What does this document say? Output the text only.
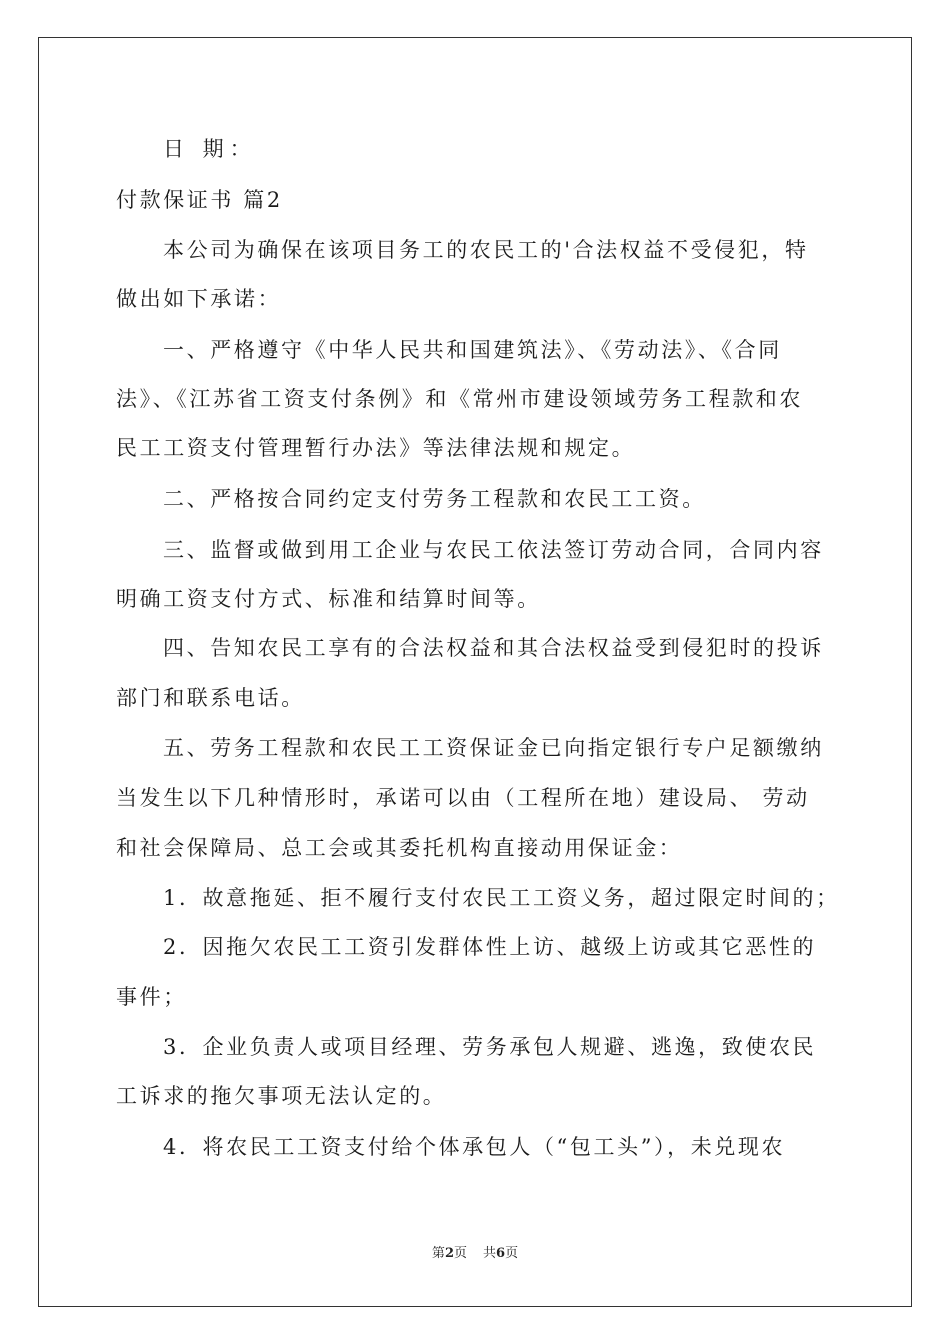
日 期：
付款保证书 篇2
本公司为确保在该项目务工的农民工的'合法权益不受侵犯，特
做出如下承诺：
一、严格遵守《中华人民共和国建筑法》、《劳动法》、《合同
法》、《江苏省工资支付条例》和《常州市建设领域劳务工程款和农
民工工资支付管理暂行办法》等法律法规和规定。
二、严格按合同约定支付劳务工程款和农民工工资。
三、监督或做到用工企业与农民工依法签订劳动合同，合同内容
明确工资支付方式、标准和结算时间等。
四、告知农民工享有的合法权益和其合法权益受到侵犯时的投诉
部门和联系电话。
五、劳务工程款和农民工工资保证金已向指定银行专户足额缴纳
当发生以下几种情形时，承诺可以由（工程所在地）建设局、 劳动
和社会保障局、总工会或其委托机构直接动用保证金：
1．故意拖延、拒不履行支付农民工工资义务，超过限定时间的；
2．因拖欠农民工工资引发群体性上访、越级上访或其它恶性的
事件；
3．企业负责人或项目经理、劳务承包人规避、逃逸，致使农民
工诉求的拖欠事项无法认定的。
4．将农民工工资支付给个体承包人（“包工头”），未兑现农
第2页 共6页
